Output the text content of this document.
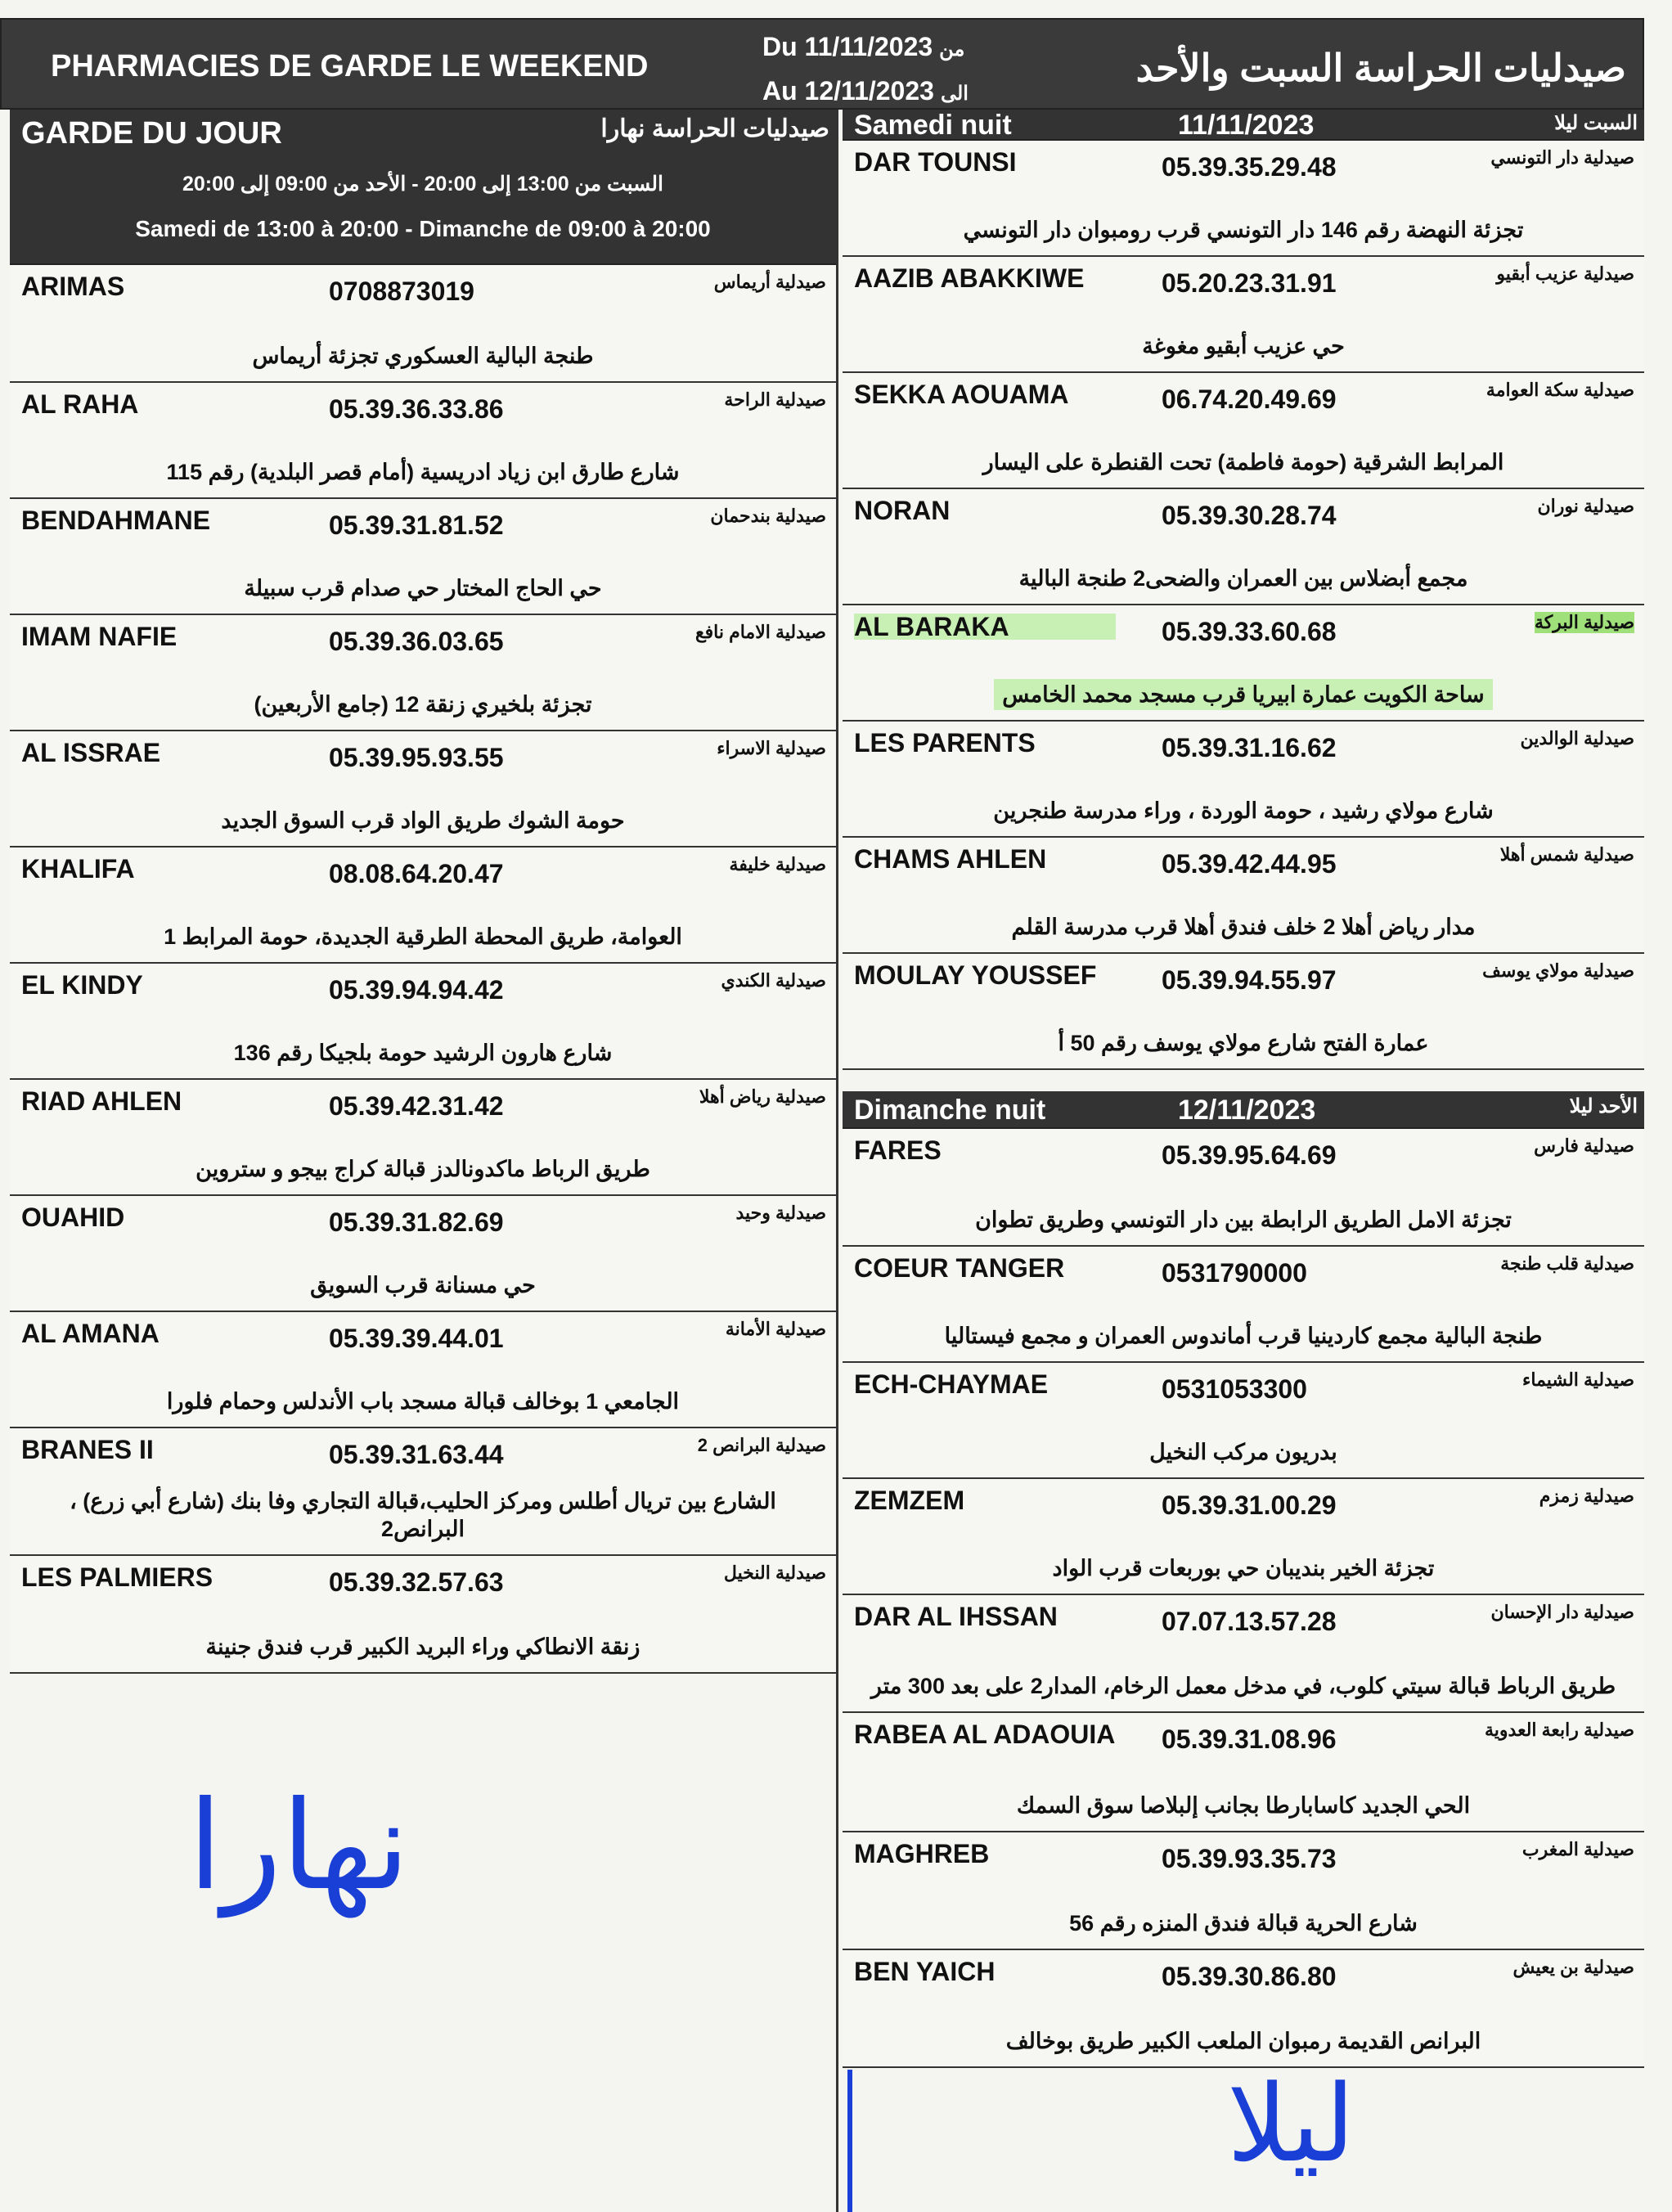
PHARMACIES DE GARDE LE WEEKEND
Du 11/11/2023 من
Au 12/11/2023 الى
صيدليات الحراسة السبت والأحد
GARDE DU JOUR	صيدليات الحراسة نهارا
السبت من 13:00 إلى 20:00 - الأحد من 09:00 إلى 20:00
Samedi de 13:00 à 20:00 - Dimanche de 09:00 à 20:00
ARIMAS	0708873019	صيدلية أريماس
طنجة البالية العسكوري تجزئة أريماس
AL RAHA	05.39.36.33.86	صيدلية الراحة
شارع طارق ابن زياد ادريسية (أمام قصر البلدية) رقم 115
BENDAHMANE	05.39.31.81.52	صيدلية بندحمان
حي الحاج المختار حي صدام قرب سبيلة
IMAM NAFIE	05.39.36.03.65	صيدلية الامام نافع
تجزئة بلخيري زنقة 12 (جامع الأربعين)
AL ISSRAE	05.39.95.93.55	صيدلية الاسراء
حومة الشوك طريق الواد قرب السوق الجديد
KHALIFA	08.08.64.20.47	صيدلية خليفة
العوامة، طريق المحطة الطرقية الجديدة، حومة المرابط 1
EL KINDY	05.39.94.94.42	صيدلية الكندي
شارع هارون الرشيد حومة بلجيكا رقم 136
RIAD AHLEN	05.39.42.31.42	صيدلية رياض أهلا
طريق الرباط ماكدونالدز قبالة كراج بيجو و ستروين
OUAHID	05.39.31.82.69	صيدلية وحيد
حي مسنانة قرب السويق
AL AMANA	05.39.39.44.01	صيدلية الأمانة
الجامعي 1 بوخالف قبالة مسجد باب الأندلس وحمام فلورا
BRANES II	05.39.31.63.44	صيدلية البرانص 2
الشارع بين تريال أطلس ومركز الحليب،قبالة التجاري وفا بنك (شارع أبي زرع) ، البرانص2
LES PALMIERS	05.39.32.57.63	صيدلية النخيل
زنقة الانطاكي وراء البريد الكبير قرب فندق جنينة
Samedi nuit	11/11/2023	السبت ليلا
DAR TOUNSI	05.39.35.29.48	صيدلية دار التونسي
تجزئة النهضة رقم 146 دار التونسي قرب رومبوان دار التونسي
AAZIB ABAKKIWE	05.20.23.31.91	صيدلية عزيب أبقيو
حي عزيب أبقيو مغوغة
SEKKA AOUAMA	06.74.20.49.69	صيدلية سكة العوامة
المرابط الشرقية (حومة فاطمة) تحت القنطرة على اليسار
NORAN	05.39.30.28.74	صيدلية نوران
مجمع أبضلاس بين العمران والضحى2 طنجة البالية
AL BARAKA	05.39.33.60.68	صيدلية البركة
ساحة الكويت عمارة ابيريا قرب مسجد محمد الخامس
LES PARENTS	05.39.31.16.62	صيدلية الوالدين
شارع مولاي رشيد ، حومة الوردة ، وراء مدرسة طنجرين
CHAMS AHLEN	05.39.42.44.95	صيدلية شمس أهلا
مدار رياض أهلا 2 خلف فندق أهلا قرب مدرسة القلم
MOULAY YOUSSEF	05.39.94.55.97	صيدلية مولاي يوسف
عمارة الفتح شارع مولاي يوسف رقم 50 أ
Dimanche nuit	12/11/2023	الأحد ليلا
FARES	05.39.95.64.69	صيدلية فارس
تجزئة الامل الطريق الرابطة بين دار التونسي وطريق تطوان
COEUR TANGER	0531790000	صيدلية قلب طنجة
طنجة البالية مجمع كاردينيا قرب أماندوس العمران و مجمع فيستاليا
ECH-CHAYMAE	0531053300	صيدلية الشيماء
بدريون مركب النخيل
ZEMZEM	05.39.31.00.29	صيدلية زمزم
تجزئة الخير بنديبان حي بوربعات قرب الواد
DAR AL IHSSAN	07.07.13.57.28	صيدلية دار الإحسان
طريق الرباط قبالة سيتي كلوب، في مدخل معمل الرخام، المدار2 على بعد 300 متر
RABEA AL ADAOUIA 05.39.31.08.96	صيدلية رابعة العدوية
الحي الجديد كاسابارطا بجانب إلبلاصا سوق السمك
MAGHREB	05.39.93.35.73	صيدلية المغرب
شارع الحرية قبالة فندق المنزه رقم 56
BEN YAICH	05.39.30.86.80	صيدلية بن يعيش
البرانص القديمة رمبوان الملعب الكبير طريق بوخالف
نهارا
ليلا
